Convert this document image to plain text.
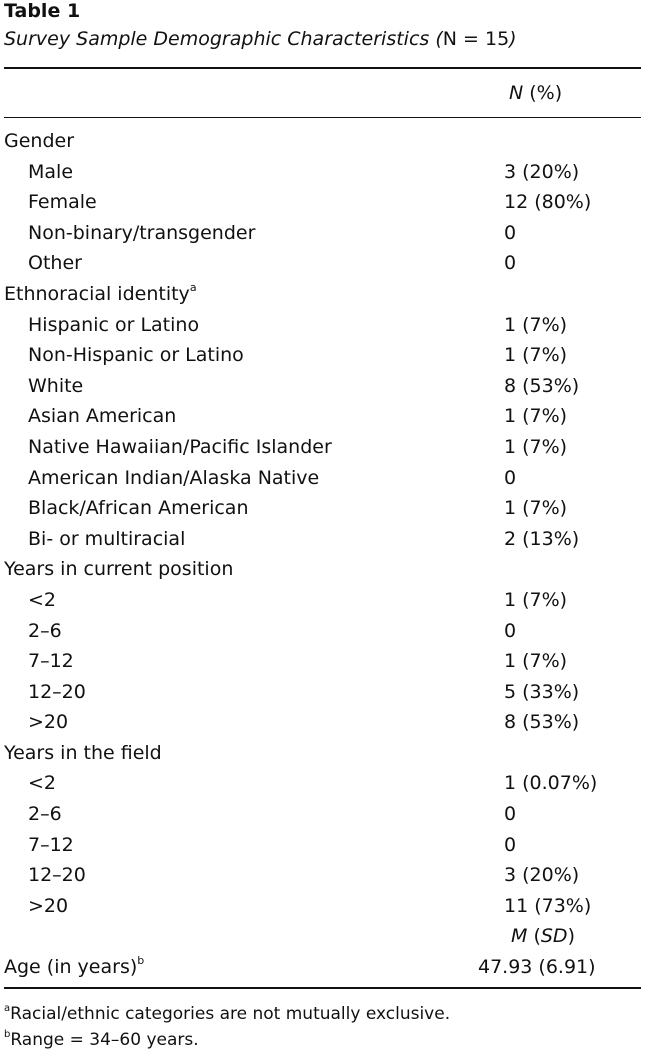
Table 1
Survey Sample Demographic Characteristics (N = 15)
N (%)
Gender
Male	3 (20%)
Female	12 (80%)
Non-binary/transgender	0
Other	0
Ethnoracial identity$^a$
Hispanic or Latino	1 (7%)
Non-Hispanic or Latino	1 (7%)
White	8 (53%)
Asian American	1 (7%)
Native Hawaiian/Pacific Islander	1 (7%)
American Indian/Alaska Native	0
Black/African American	1 (7%)
Bi- or multiracial	2 (13%)
Years in current position
<2	1 (7%)
2–6	0
7–12	1 (7%)
12–20	5 (33%)
>20	8 (53%)
Years in the field
<2	1 (0.07%)
2–6	0
7–12	0
12–20	3 (20%)
>20	11 (73%)
M (SD)
Age (in years)$^b$	47.93 (6.91)
$^a$Racial/ethnic categories are not mutually exclusive.
$^b$Range = 34–60 years.
